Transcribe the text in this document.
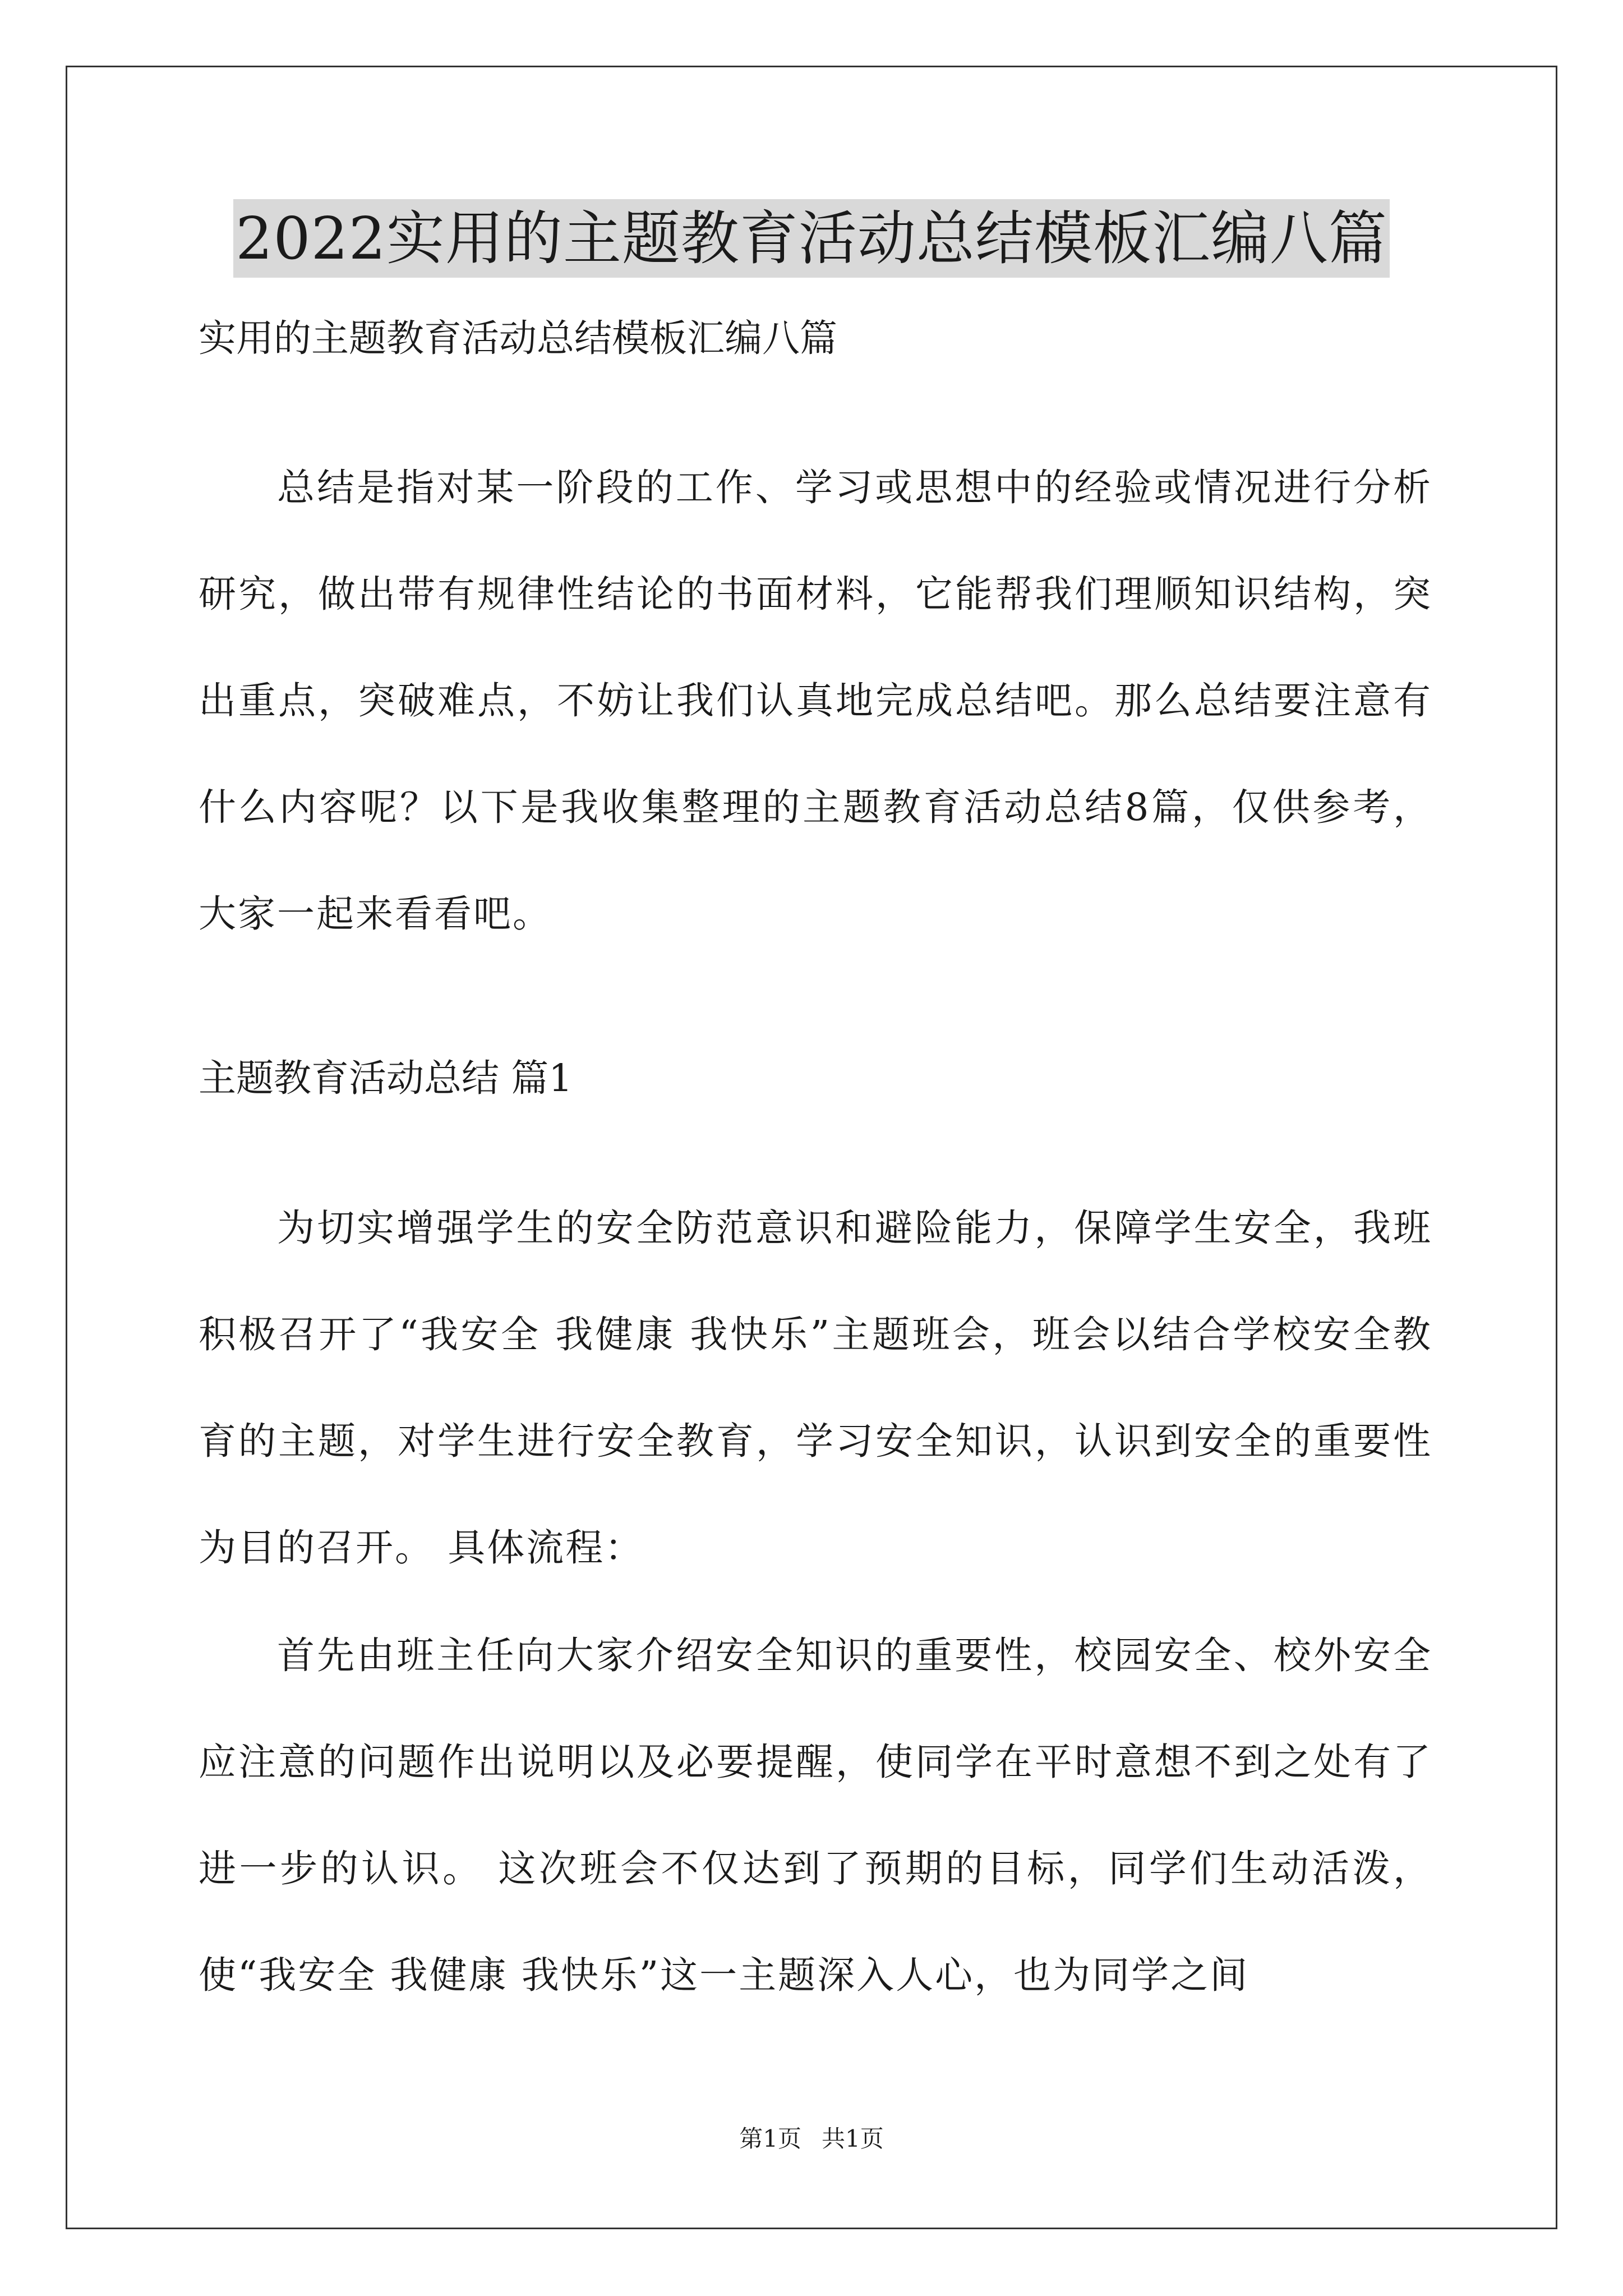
2022实用的主题教育活动总结模板汇编八篇
实用的主题教育活动总结模板汇编八篇
总结是指对某一阶段的工作、学习或思想中的经验或情况进行分析研究，做出带有规律性结论的书面材料，它能帮我们理顺知识结构，突出重点，突破难点，不妨让我们认真地完成总结吧。那么总结要注意有什么内容呢？以下是我收集整理的主题教育活动总结8篇，仅供参考，大家一起来看看吧。
主题教育活动总结 篇1
为切实增强学生的安全防范意识和避险能力，保障学生安全，我班积极召开了“我安全 我健康 我快乐”主题班会，班会以结合学校安全教育的主题，对学生进行安全教育，学习安全知识，认识到安全的重要性为目的召开。 具体流程：
首先由班主任向大家介绍安全知识的重要性，校园安全、校外安全应注意的问题作出说明以及必要提醒，使同学在平时意想不到之处有了进一步的认识。 这次班会不仅达到了预期的目标，同学们生动活泼，使“我安全 我健康 我快乐”这一主题深入人心，也为同学之间
第1页 共1页
